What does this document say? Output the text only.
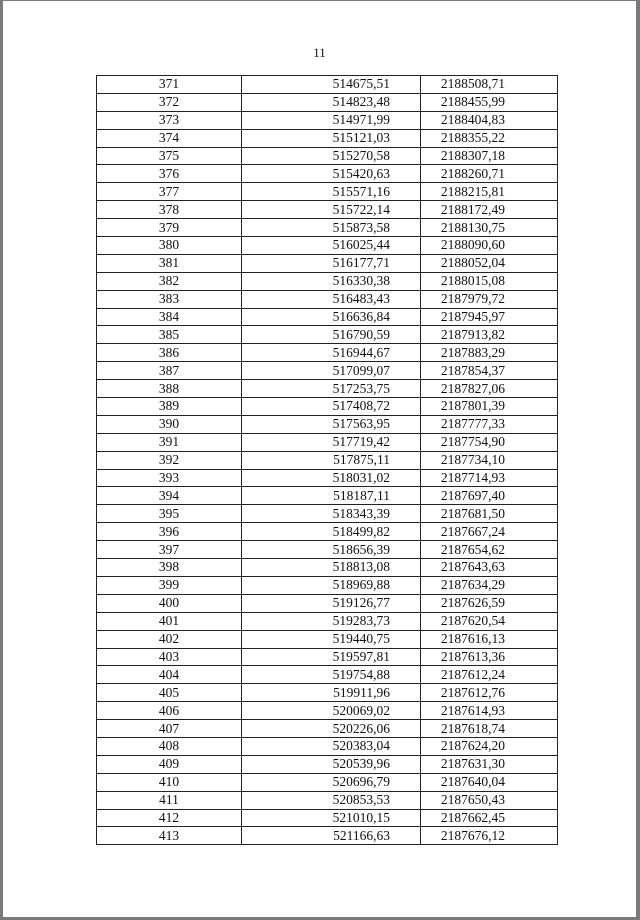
11
371	514675,51	2188508,71
372	514823,48	2188455,99
373	514971,99	2188404,83
374	515121,03	2188355,22
375	515270,58	2188307,18
376	515420,63	2188260,71
377	515571,16	2188215,81
378	515722,14	2188172,49
379	515873,58	2188130,75
380	516025,44	2188090,60
381	516177,71	2188052,04
382	516330,38	2188015,08
383	516483,43	2187979,72
384	516636,84	2187945,97
385	516790,59	2187913,82
386	516944,67	2187883,29
387	517099,07	2187854,37
388	517253,75	2187827,06
389	517408,72	2187801,39
390	517563,95	2187777,33
391	517719,42	2187754,90
392	517875,11	2187734,10
393	518031,02	2187714,93
394	518187,11	2187697,40
395	518343,39	2187681,50
396	518499,82	2187667,24
397	518656,39	2187654,62
398	518813,08	2187643,63
399	518969,88	2187634,29
400	519126,77	2187626,59
401	519283,73	2187620,54
402	519440,75	2187616,13
403	519597,81	2187613,36
404	519754,88	2187612,24
405	519911,96	2187612,76
406	520069,02	2187614,93
407	520226,06	2187618,74
408	520383,04	2187624,20
409	520539,96	2187631,30
410	520696,79	2187640,04
411	520853,53	2187650,43
412	521010,15	2187662,45
413	521166,63	2187676,12
